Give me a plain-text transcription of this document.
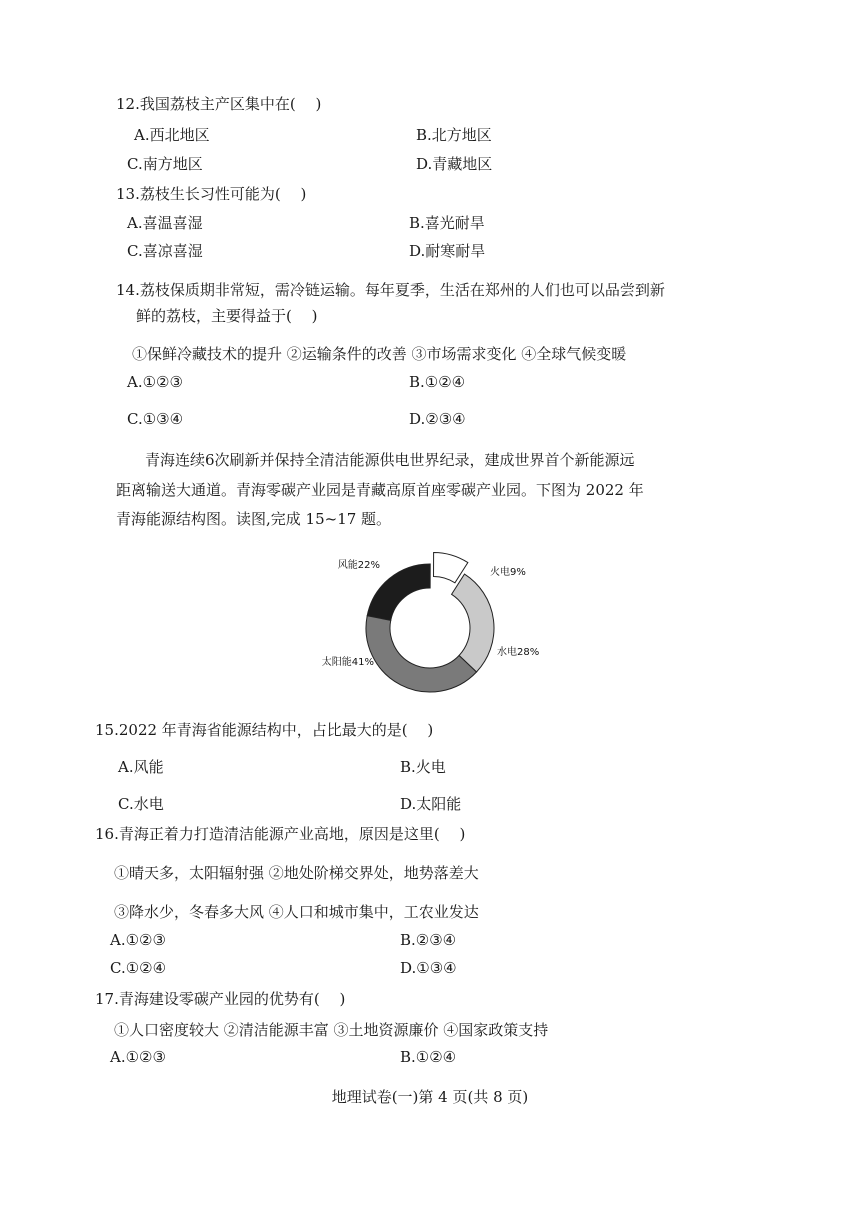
12.我国荔枝主产区集中在(　 )
A.西北地区	B.北方地区
C.南方地区	D.青藏地区
13.荔枝生长习性可能为(　 )
A.喜温喜湿	B.喜光耐旱
C.喜凉喜湿	D.耐寒耐旱
14.荔枝保质期非常短，需冷链运输。每年夏季，生活在郑州的人们也可以品尝到新
鲜的荔枝，主要得益于(　 )
①保鲜冷藏技术的提升 ②运输条件的改善 ③市场需求变化 ④全球气候变暖
A.①②③	B.①②④
C.①③④	D.②③④
青海连续6次刷新并保持全清洁能源供电世界纪录，建成世界首个新能源远
距离输送大通道。青海零碳产业园是青藏高原首座零碳产业园。下图为 2022 年
青海能源结构图。读图,完成 15~17 题。
风能22%
火电9%
水电28%
太阳能41%
15.2022 年青海省能源结构中，占比最大的是(　 )
A.风能	B.火电
C.水电	D.太阳能
16.青海正着力打造清洁能源产业高地，原因是这里(　 )
①晴天多，太阳辐射强 ②地处阶梯交界处，地势落差大
③降水少，冬春多大风 ④人口和城市集中，工农业发达
A.①②③	B.②③④
C.①②④	D.①③④
17.青海建设零碳产业园的优势有(　 )
①人口密度较大 ②清洁能源丰富 ③土地资源廉价 ④国家政策支持
A.①②③	B.①②④
地理试卷(一)第 4 页(共 8 页)
